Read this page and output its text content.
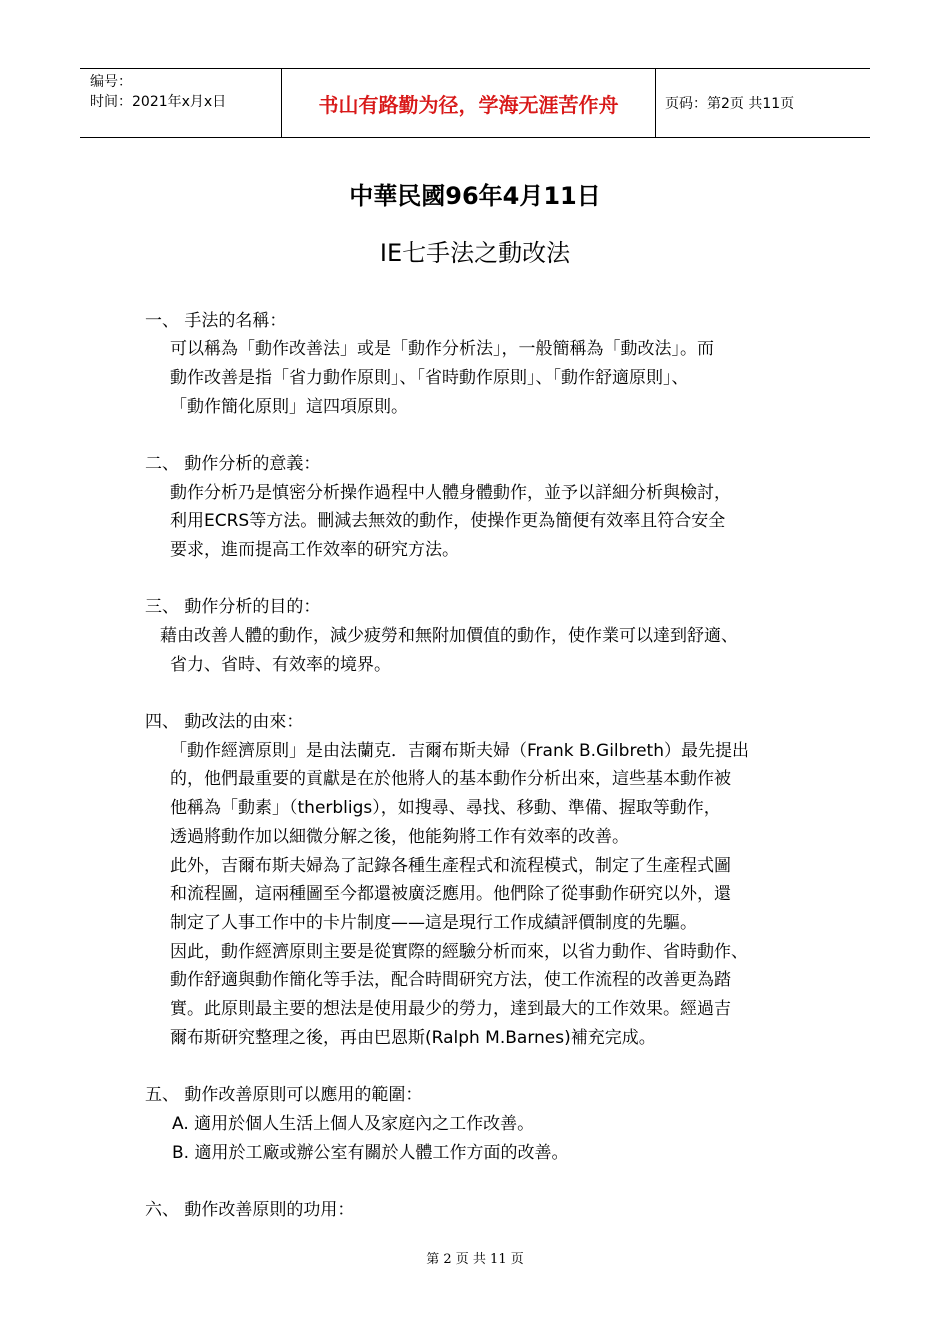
编号：
时间：2021年x月x日	书山有路勤为径，学海无涯苦作舟	页码：第2页 共11页
中華民國96年4月11日
IE七手法之動改法
一、 手法的名稱：
可以稱為「動作改善法」或是「動作分析法」，一般簡稱為「動改法」。而
動作改善是指「省力動作原則」、「省時動作原則」、「動作舒適原則」、
「動作簡化原則」這四項原則。
二、 動作分析的意義：
動作分析乃是慎密分析操作過程中人體身體動作，並予以詳細分析與檢討，
利用ECRS等方法。刪減去無效的動作，使操作更為簡便有效率且符合安全
要求，進而提高工作效率的研究方法。
三、 動作分析的目的：
藉由改善人體的動作，減少疲勞和無附加價值的動作，使作業可以達到舒適、
省力、省時、有效率的境界。
四、 動改法的由來：
「動作經濟原則」是由法蘭克．吉爾布斯夫婦（Frank B.Gilbreth）最先提出
的，他們最重要的貢獻是在於他將人的基本動作分析出來，這些基本動作被
他稱為「動素」（therbligs），如搜尋、尋找、移動、準備、握取等動作，
透過將動作加以細微分解之後，他能夠將工作有效率的改善。
此外，吉爾布斯夫婦為了記錄各種生產程式和流程模式，制定了生產程式圖
和流程圖，這兩種圖至今都還被廣泛應用。他們除了從事動作研究以外，還
制定了人事工作中的卡片制度——這是現行工作成績評價制度的先驅。
因此，動作經濟原則主要是從實際的經驗分析而來，以省力動作、省時動作、
動作舒適與動作簡化等手法，配合時間研究方法，使工作流程的改善更為踏
實。此原則最主要的想法是使用最少的勞力，達到最大的工作效果。經過吉
爾布斯研究整理之後，再由巴恩斯(Ralph M.Barnes)補充完成。
五、 動作改善原則可以應用的範圍：
A. 適用於個人生活上個人及家庭內之工作改善。
B. 適用於工廠或辦公室有關於人體工作方面的改善。
六、 動作改善原則的功用：
第 2 页 共 11 页
